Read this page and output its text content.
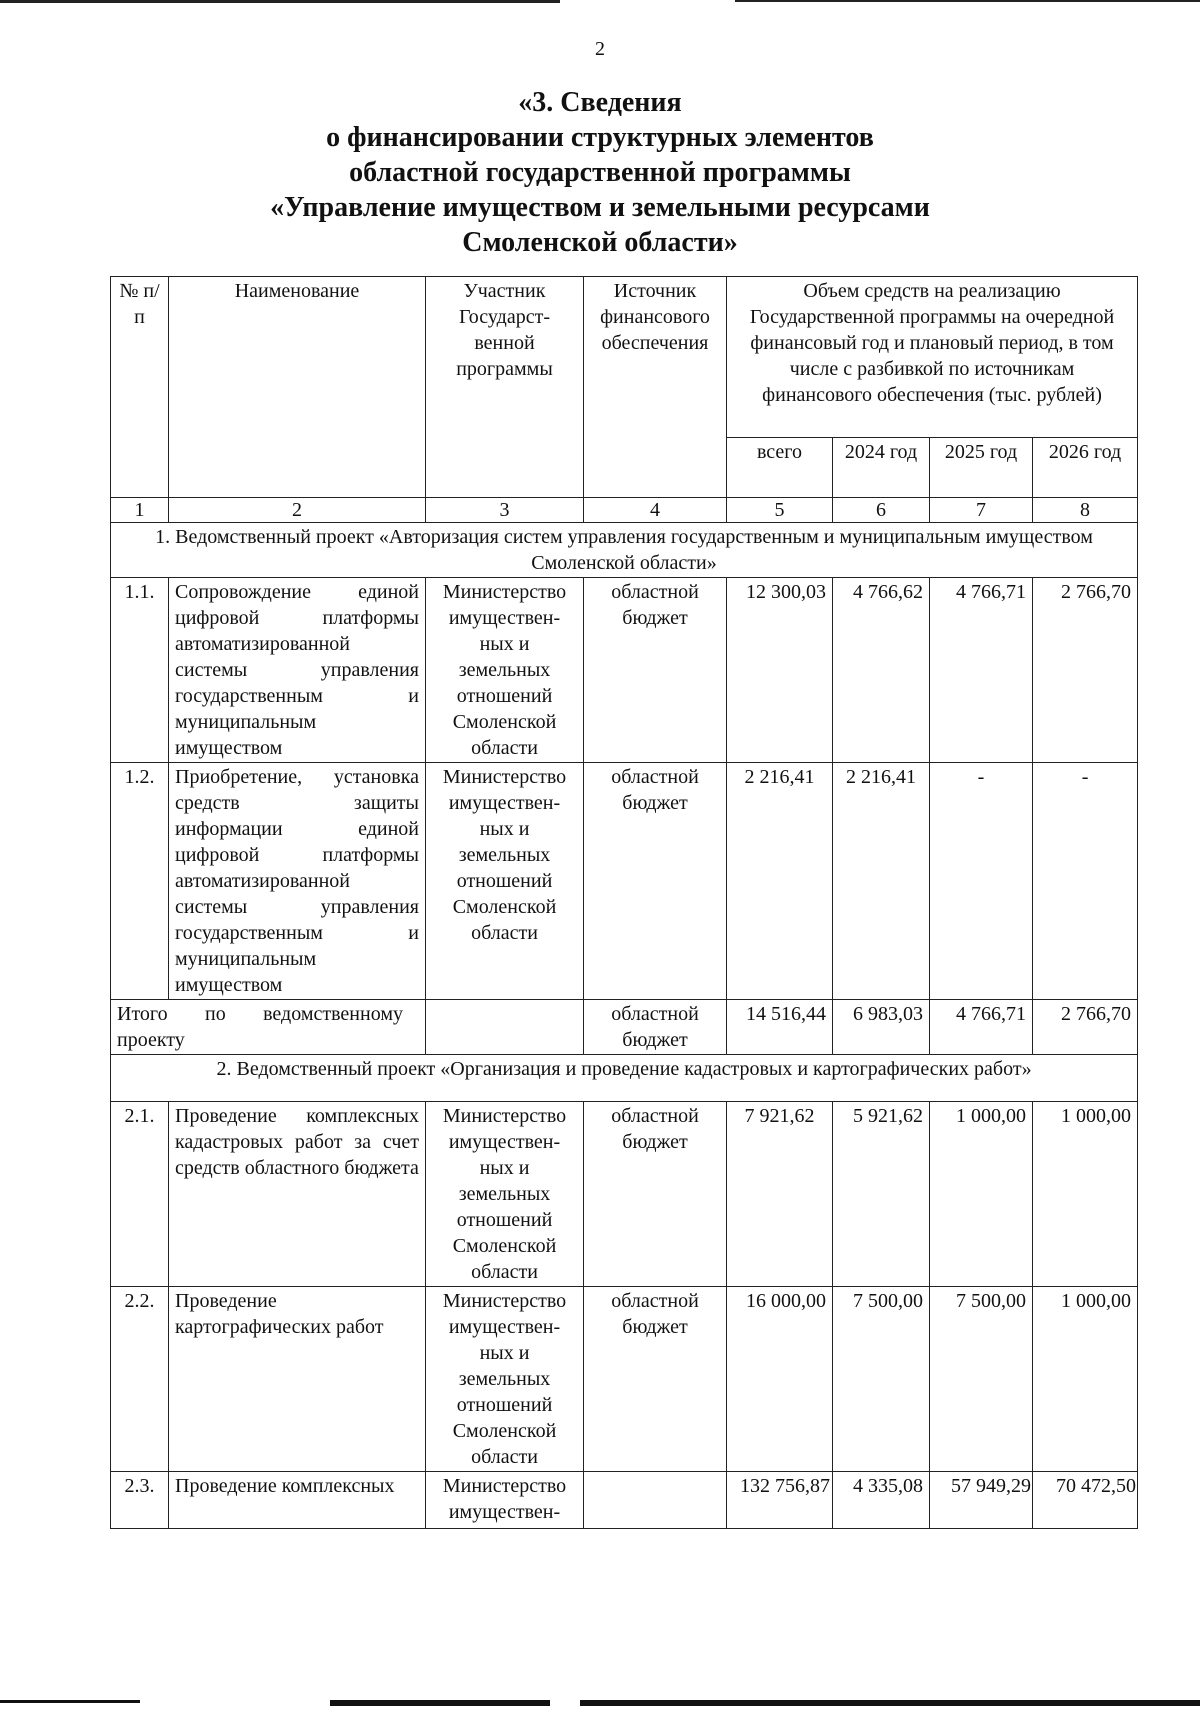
2
«3. Сведения
о финансировании структурных элементов
областной государственной программы
«Управление имуществом и земельными ресурсами
Смоленской области»
№ п/п	Наименование	Участник Государст-венной программы	Источник финансового обеспечения	Объем средств на реализацию Государственной программы на очередной финансовый год и плановый период, в том числе с разбивкой по источникам финансового обеспечения (тыс. рублей)			
				всего	2024 год	2025 год	2026 год
1	2	3	4	5	6	7	8
1. Ведомственный проект «Авторизация систем управления государственным и муниципальным имуществом Смоленской области»							
1.1.	Сопровождение единой цифровой платформы автоматизированной системы управления государственным и муниципальным имуществом	Министерство имуществен-ных и земельных отношений Смоленской области	областной бюджет	12 300,03	4 766,62	4 766,71	2 766,70
1.2.	Приобретение, установка средств защиты информации единой цифровой платформы автоматизированной системы управления государственным и муниципальным имуществом	Министерство имуществен-ных и земельных отношений Смоленской области	областной бюджет	2 216,41	2 216,41	-	-
Итого по ведомственному проекту			областной бюджет	14 516,44	6 983,03	4 766,71	2 766,70
2. Ведомственный проект «Организация и проведение кадастровых и картографических работ»							
2.1.	Проведение комплексных кадастровых работ за счет средств областного бюджета	Министерство имуществен-ных и земельных отношений Смоленской области	областной бюджет	7 921,62	5 921,62	1 000,00	1 000,00
2.2.	Проведение картографических работ	Министерство имуществен-ных и земельных отношений Смоленской области	областной бюджет	16 000,00	7 500,00	7 500,00	1 000,00
2.3.	Проведение комплексных	Министерство имуществен-		132 756,87	4 335,08	57 949,29	70 472,50
